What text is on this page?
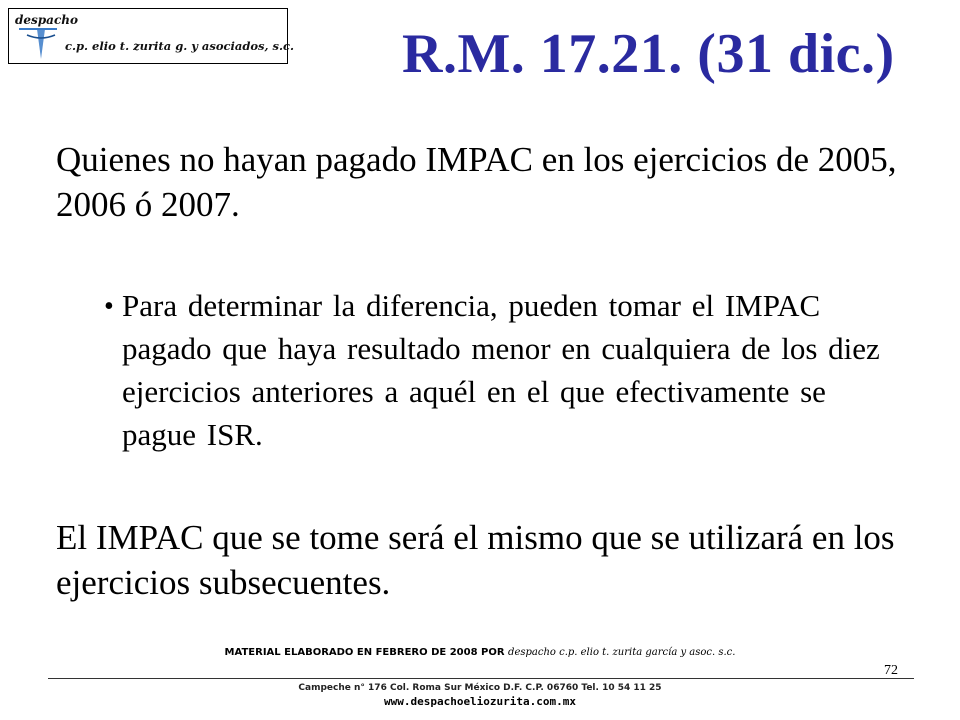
despacho
c.p. elio t. zurita g. y asociados, s.c. R.M. 17.21. (31 dic.)
Quienes no hayan pagado IMPAC en los ejercicios de 2005, 2006 ó 2007.
• Para determinar la diferencia, pueden tomar el IMPAC pagado que haya resultado menor en cualquiera de los diez ejercicios anteriores a aquél en el que efectivamente se pague ISR.
El IMPAC que se tome será el mismo que se utilizará en los ejercicios subsecuentes.
MATERIAL ELABORADO EN FEBRERO DE 2008 POR despacho c.p. elio t. zurita garcía y asoc. s.c.
72
Campeche n° 176 Col. Roma Sur México D.F. C.P. 06760 Tel. 10 54 11 25
www.despachoeliozurita.com.mx
